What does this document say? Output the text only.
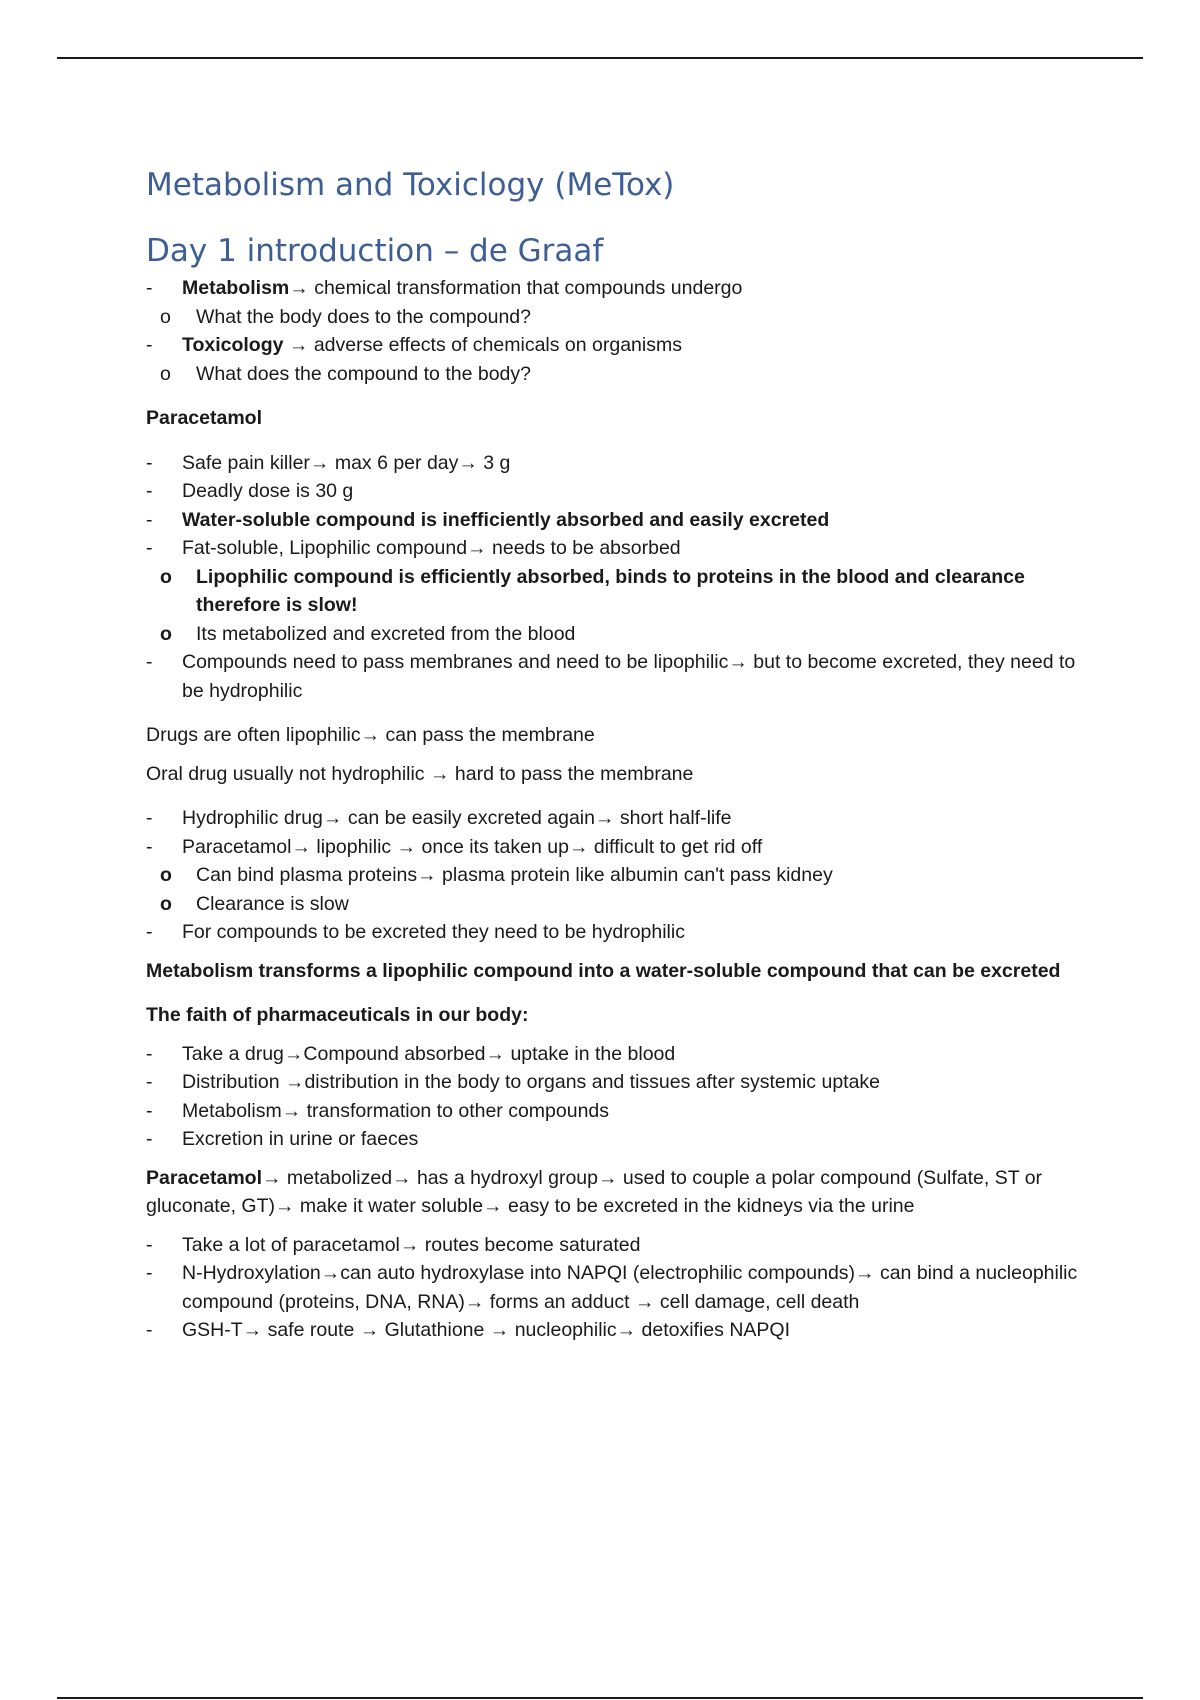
Metabolism and Toxiclogy (MeTox)
Day 1 introduction – de Graaf
- Metabolism→ chemical transformation that compounds undergo
o What the body does to the compound?
- Toxicology → adverse effects of chemicals on organisms
o What does the compound to the body?

Paracetamol

- Safe pain killer→ max 6 per day→ 3 g
- Deadly dose is 30 g
- Water-soluble compound is inefficiently absorbed and easily excreted
- Fat-soluble, Lipophilic compound→ needs to be absorbed
o Lipophilic compound is efficiently absorbed, binds to proteins in the blood and clearance therefore is slow!
o Its metabolized and excreted from the blood
- Compounds need to pass membranes and need to be lipophilic→ but to become excreted, they need to be hydrophilic

Drugs are often lipophilic→ can pass the membrane

Oral drug usually not hydrophilic → hard to pass the membrane

- Hydrophilic drug→ can be easily excreted again→ short half-life
- Paracetamol→ lipophilic → once its taken up→ difficult to get rid off
o Can bind plasma proteins→ plasma protein like albumin can't pass kidney
o Clearance is slow
- For compounds to be excreted they need to be hydrophilic

Metabolism transforms a lipophilic compound into a water-soluble compound that can be excreted

The faith of pharmaceuticals in our body:

- Take a drug→Compound absorbed→ uptake in the blood
- Distribution →distribution in the body to organs and tissues after systemic uptake
- Metabolism→ transformation to other compounds
- Excretion in urine or faeces

Paracetamol→ metabolized→ has a hydroxyl group→ used to couple a polar compound (Sulfate, ST or gluconate, GT)→ make it water soluble→ easy to be excreted in the kidneys via the urine

- Take a lot of paracetamol→ routes become saturated
- N-Hydroxylation→can auto hydroxylase into NAPQI (electrophilic compounds)→ can bind a nucleophilic compound (proteins, DNA, RNA)→ forms an adduct → cell damage, cell death
- GSH-T→ safe route → Glutathione → nucleophilic→ detoxifies NAPQI
